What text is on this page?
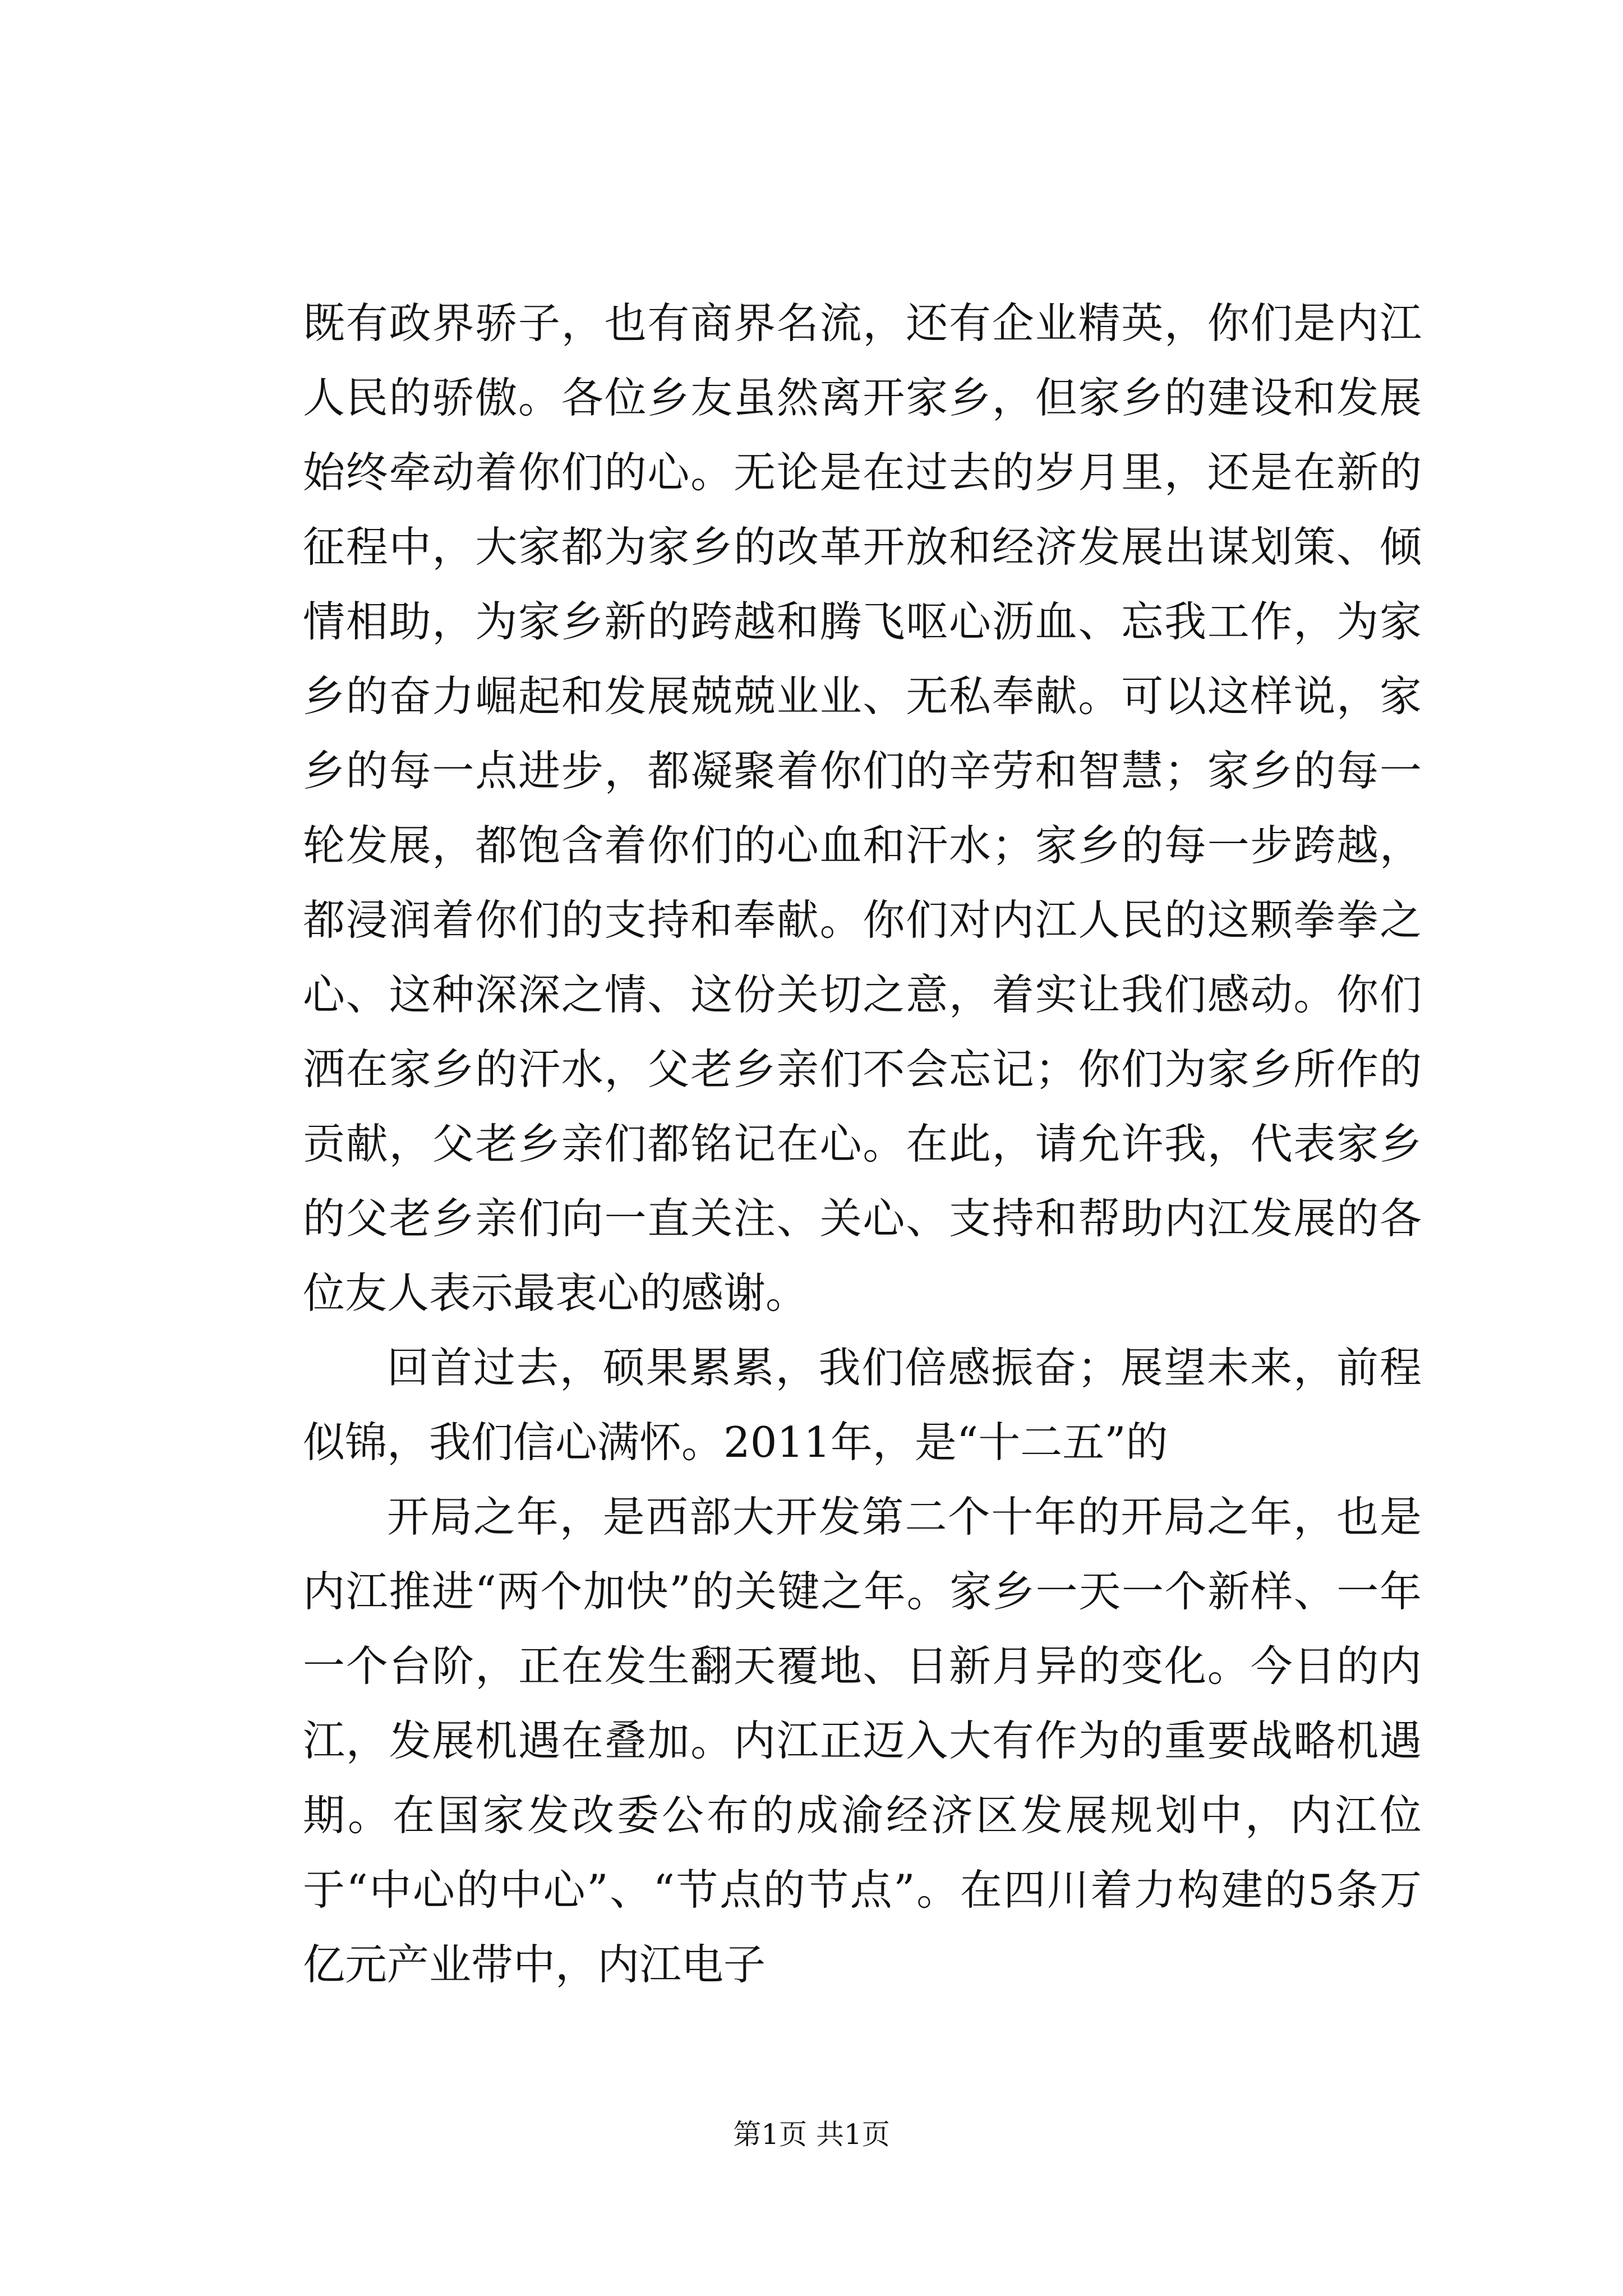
既有政界骄子，也有商界名流，还有企业精英，你们是内江人民的骄傲。各位乡友虽然离开家乡，但家乡的建设和发展始终牵动着你们的心。无论是在过去的岁月里，还是在新的征程中，大家都为家乡的改革开放和经济发展出谋划策、倾情相助，为家乡新的跨越和腾飞呕心沥血、忘我工作，为家乡的奋力崛起和发展兢兢业业、无私奉献。可以这样说，家乡的每一点进步，都凝聚着你们的辛劳和智慧；家乡的每一轮发展，都饱含着你们的心血和汗水；家乡的每一步跨越，都浸润着你们的支持和奉献。你们对内江人民的这颗拳拳之心、这种深深之情、这份关切之意，着实让我们感动。你们洒在家乡的汗水，父老乡亲们不会忘记；你们为家乡所作的贡献，父老乡亲们都铭记在心。在此，请允许我，代表家乡的父老乡亲们向一直关注、关心、支持和帮助内江发展的各位友人表示最衷心的感谢。

回首过去，硕果累累，我们倍感振奋；展望未来，前程似锦，我们信心满怀。2011年，是“十二五”的

开局之年，是西部大开发第二个十年的开局之年，也是内江推进“两个加快”的关键之年。家乡一天一个新样、一年一个台阶，正在发生翻天覆地、日新月异的变化。今日的内江，发展机遇在叠加。内江正迈入大有作为的重要战略机遇期。在国家发改委公布的成渝经济区发展规划中，内江位于“中心的中心”、“节点的节点”。在四川着力构建的5条万亿元产业带中，内江电子

第1页 共1页
